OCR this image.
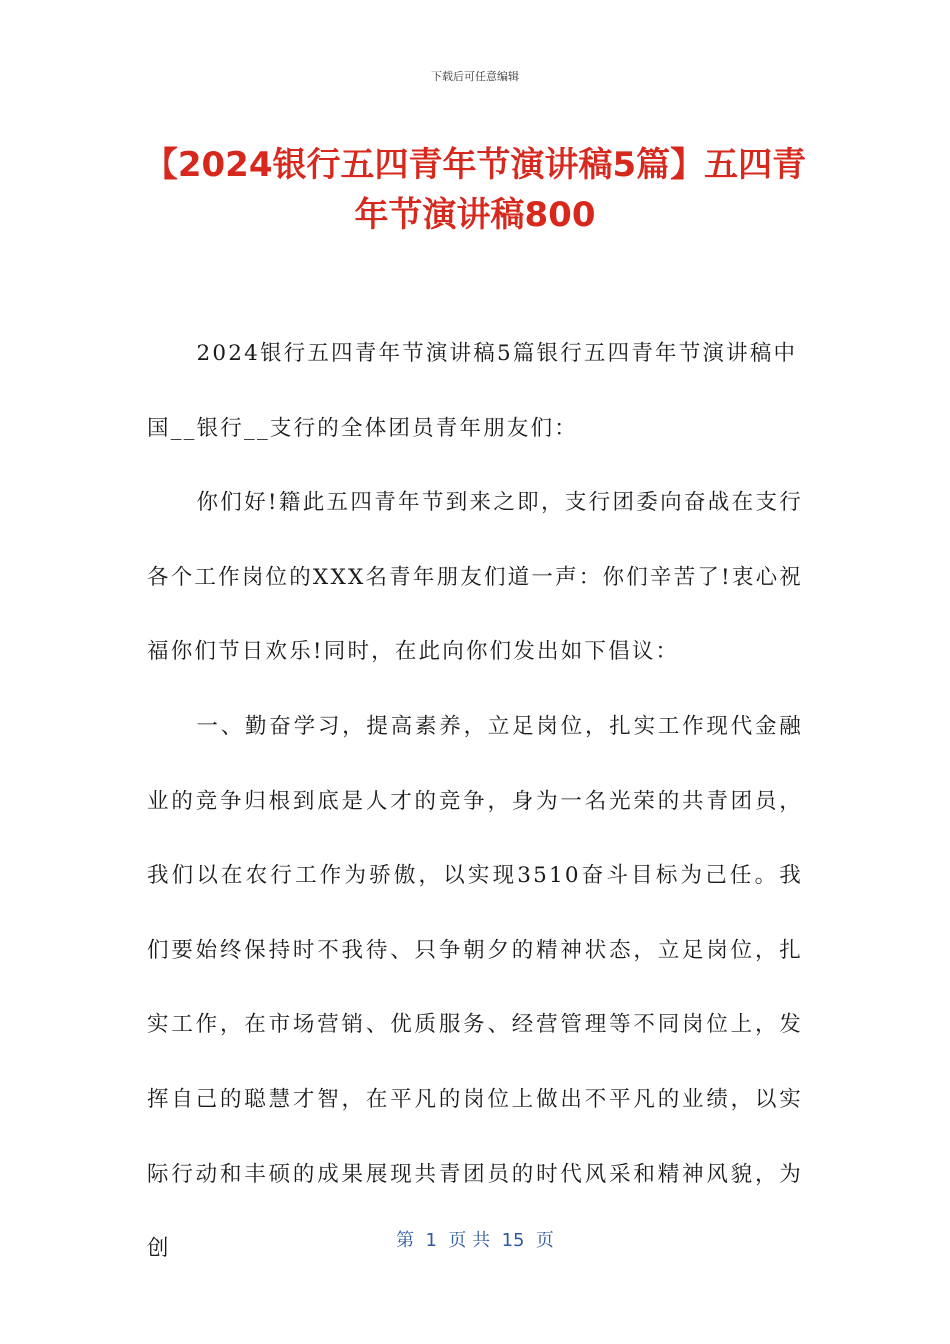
下载后可任意编辑
【2024银行五四青年节演讲稿5篇】五四青年节演讲稿800

2024银行五四青年节演讲稿5篇银行五四青年节演讲稿中

国__银行__支行的全体团员青年朋友们：

你们好!籍此五四青年节到来之即，支行团委向奋战在支行各个工作岗位的XXX名青年朋友们道一声：你们辛苦了!衷心祝福你们节日欢乐!同时，在此向你们发出如下倡议：

一、勤奋学习，提高素养，立足岗位，扎实工作现代金融业的竞争归根到底是人才的竞争，身为一名光荣的共青团员，我们以在农行工作为骄傲，以实现3510奋斗目标为己任。我们要始终保持时不我待、只争朝夕的精神状态，立足岗位，扎实工作，在市场营销、优质服务、经营管理等不同岗位上，发挥自己的聪慧才智，在平凡的岗位上做出不平凡的业绩，以实际行动和丰硕的成果展现共青团员的时代风采和精神风貌，为创	第  1  页 共  15  页
